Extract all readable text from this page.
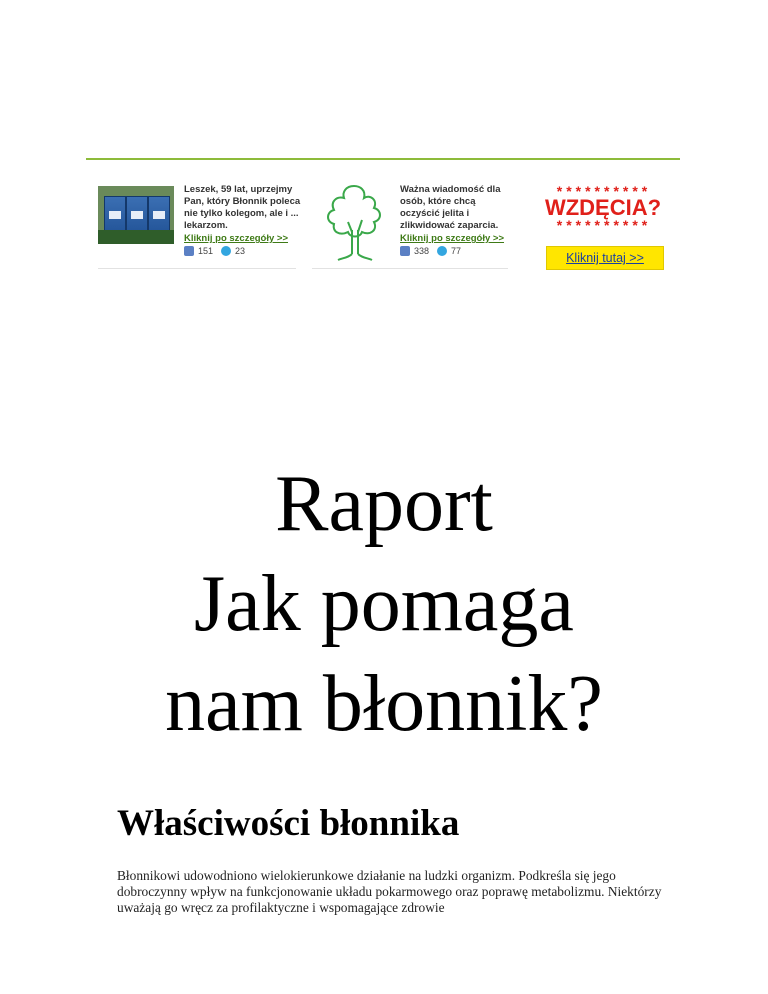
Leszek, 59 lat, uprzejmy Pan, który Błonnik poleca nie tylko kolegom, ale i ... lekarzom.
Kliknij po szczegóły >>
151 23
Ważna wiadomość dla osób, które chcą oczyścić jelita i zlikwidować zaparcia.
Kliknij po szczegóły >>
338 77
**********
WZDĘCIA?
**********
Kliknij tutaj >>
Raport
Jak pomaga
nam błonnik?
Właściwości błonnika

Błonnikowi udowodniono wielokierunkowe działanie na ludzki organizm. Podkreśla się jego dobroczynny wpływ na funkcjonowanie układu pokarmowego oraz poprawę metabolizmu. Niektórzy uważają go wręcz za profilaktyczne i wspomagające zdrowie
